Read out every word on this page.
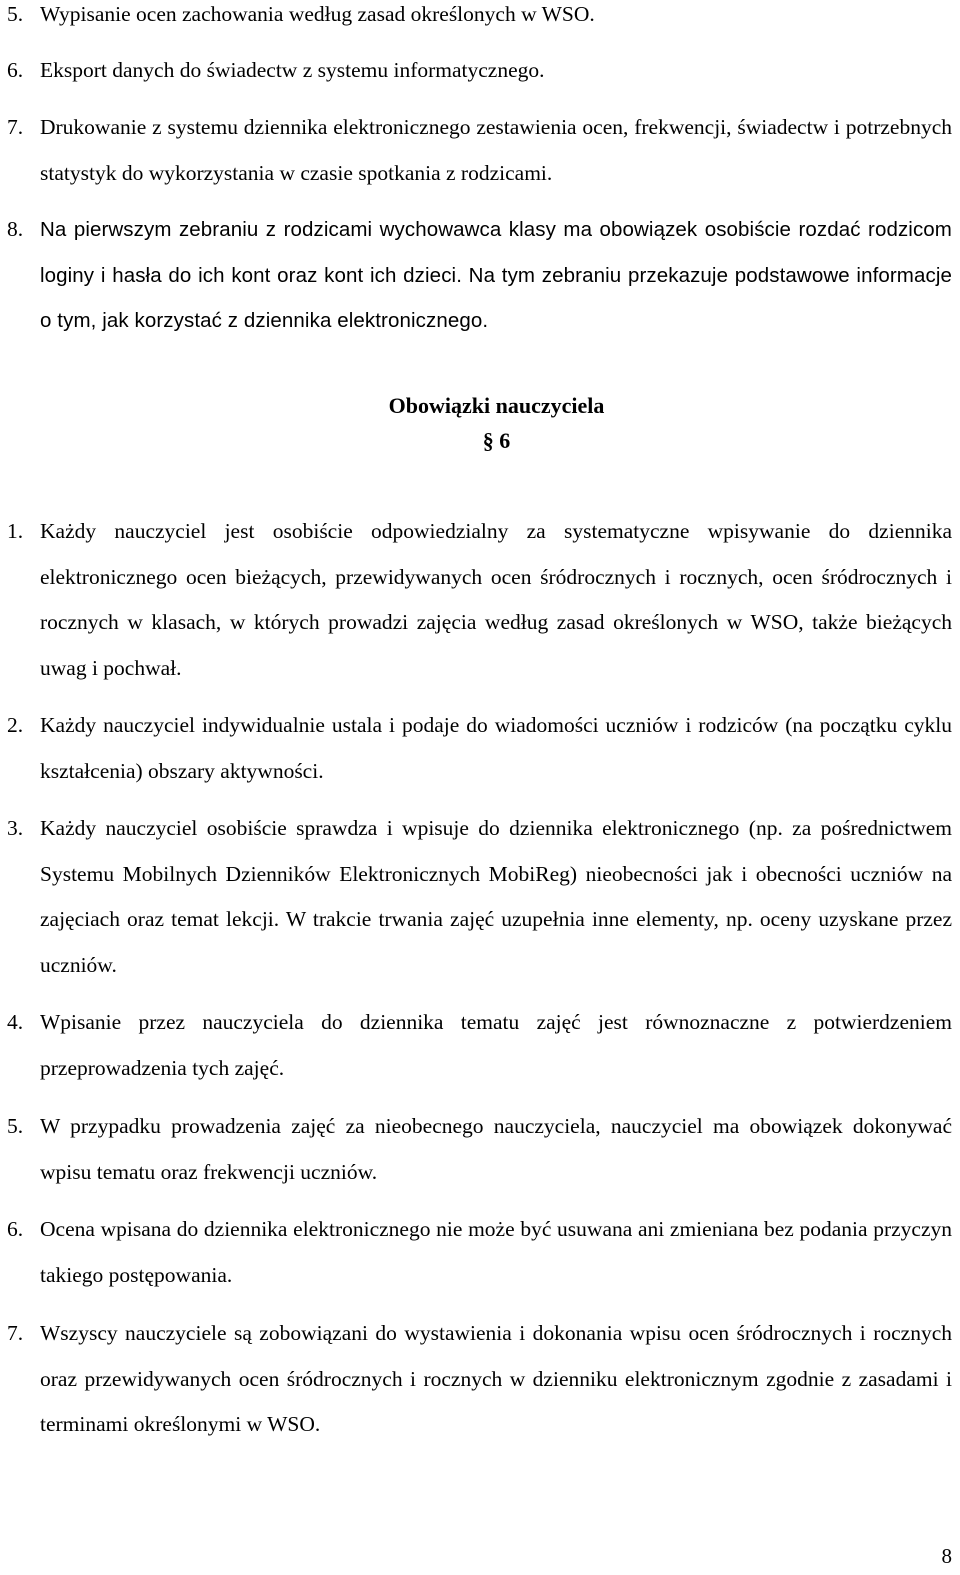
5. Wypisanie ocen zachowania według zasad określonych w WSO.
6. Eksport danych do świadectw z systemu informatycznego.
7. Drukowanie z systemu dziennika elektronicznego zestawienia ocen, frekwencji, świadectw i potrzebnych statystyk do wykorzystania w czasie spotkania z rodzicami.
8. Na pierwszym zebraniu z rodzicami wychowawca klasy ma obowiązek osobiście rozdać rodzicom loginy i hasła do ich kont oraz kont ich dzieci. Na tym zebraniu przekazuje podstawowe informacje o tym, jak korzystać z dziennika elektronicznego.
Obowiązki nauczyciela
§ 6
1. Każdy nauczyciel jest osobiście odpowiedzialny za systematyczne wpisywanie do dziennika elektronicznego ocen bieżących, przewidywanych ocen śródrocznych i rocznych, ocen śródrocznych i rocznych w klasach, w których prowadzi zajęcia według zasad określonych w WSO, także bieżących uwag i pochwał.
2. Każdy nauczyciel indywidualnie ustala i podaje do wiadomości uczniów i rodziców (na początku cyklu kształcenia) obszary aktywności.
3. Każdy nauczyciel osobiście sprawdza i wpisuje do dziennika elektronicznego (np. za pośrednictwem Systemu Mobilnych Dzienników Elektronicznych MobiReg) nieobecności jak i obecności uczniów na zajęciach oraz temat lekcji. W trakcie trwania zajęć uzupełnia inne elementy, np. oceny uzyskane przez uczniów.
4. Wpisanie przez nauczyciela do dziennika tematu zajęć jest równoznaczne z potwierdzeniem przeprowadzenia tych zajęć.
5. W przypadku prowadzenia zajęć za nieobecnego nauczyciela, nauczyciel ma obowiązek dokonywać wpisu tematu oraz frekwencji uczniów.
6. Ocena wpisana do dziennika elektronicznego nie może być usuwana ani zmieniana bez podania przyczyn takiego postępowania.
7. Wszyscy nauczyciele są zobowiązani do wystawienia i dokonania wpisu ocen śródrocznych i rocznych oraz przewidywanych ocen śródrocznych i rocznych w dzienniku elektronicznym zgodnie z zasadami i terminami określonymi w WSO.
8
